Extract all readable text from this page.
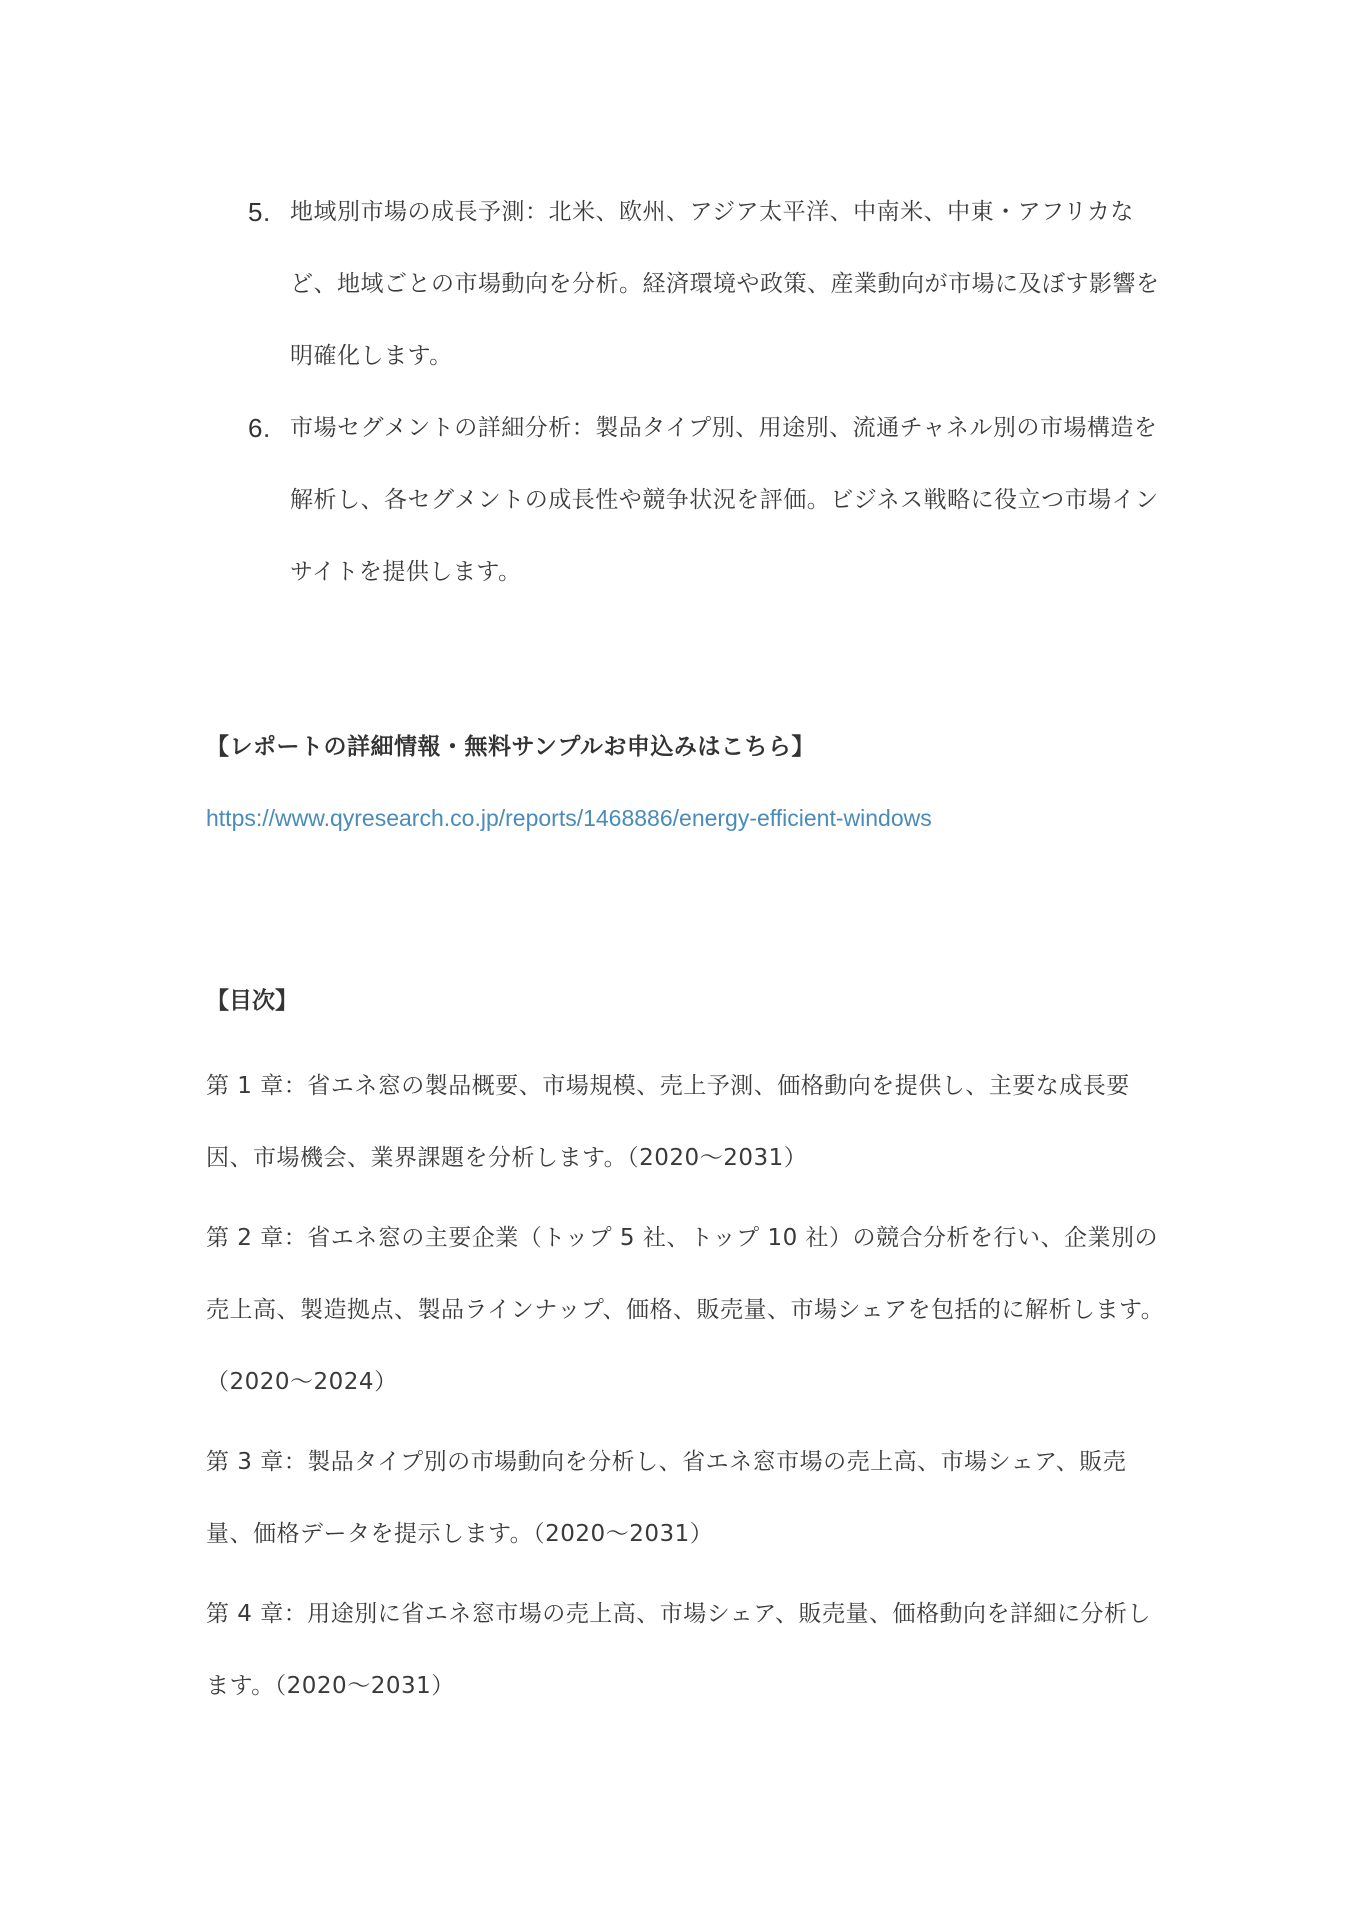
5. 地域別市場の成長予測：北米、欧州、アジア太平洋、中南米、中東・アフリカなど、地域ごとの市場動向を分析。経済環境や政策、産業動向が市場に及ぼす影響を明確化します。
6. 市場セグメントの詳細分析：製品タイプ別、用途別、流通チャネル別の市場構造を解析し、各セグメントの成長性や競争状況を評価。ビジネス戦略に役立つ市場インサイトを提供します。
【レポートの詳細情報・無料サンプルお申込みはこちら】
https://www.qyresearch.co.jp/reports/1468886/energy-efficient-windows
【目次】

第 1 章：省エネ窓の製品概要、市場規模、売上予測、価格動向を提供し、主要な成長要因、市場機会、業界課題を分析します。（2020～2031）

第 2 章：省エネ窓の主要企業（トップ 5 社、トップ 10 社）の競合分析を行い、企業別の売上高、製造拠点、製品ラインナップ、価格、販売量、市場シェアを包括的に解析します。（2020～2024）

第 3 章：製品タイプ別の市場動向を分析し、省エネ窓市場の売上高、市場シェア、販売量、価格データを提示します。（2020～2031）

第 4 章：用途別に省エネ窓市場の売上高、市場シェア、販売量、価格動向を詳細に分析します。（2020～2031）
